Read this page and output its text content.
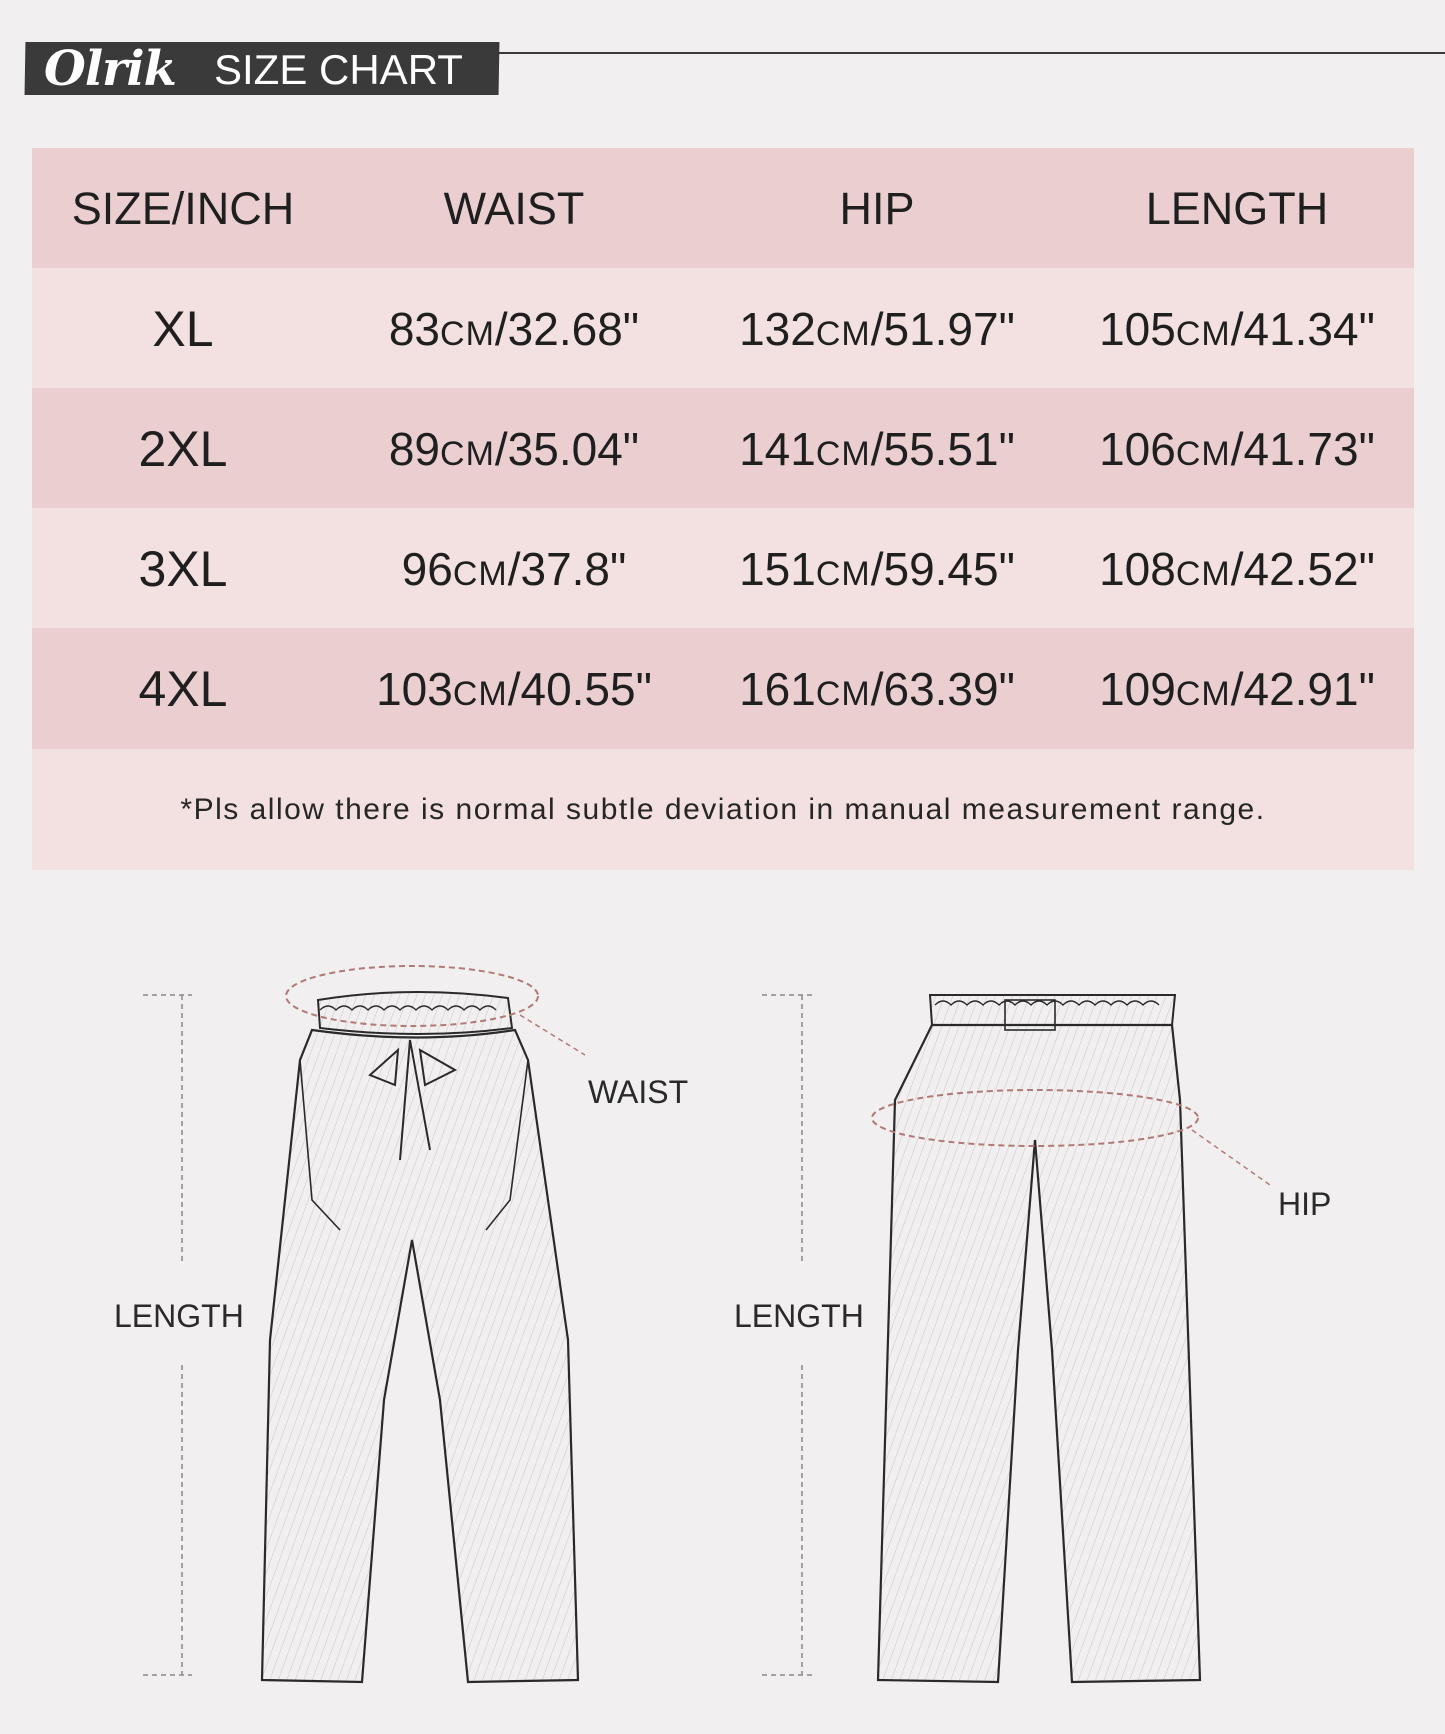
Olrik SIZE CHART
SIZE/INCH	WAIST	HIP	LENGTH
XL	83CM/32.68"	132CM/51.97"	105CM/41.34"
2XL	89CM/35.04"	141CM/55.51"	106CM/41.73"
3XL	96CM/37.8"	151CM/59.45"	108CM/42.52"
4XL	103CM/40.55"	161CM/63.39"	109CM/42.91"
*Pls allow there is normal subtle deviation in manual measurement range.
WAIST
LENGTH
HIP
LENGTH
